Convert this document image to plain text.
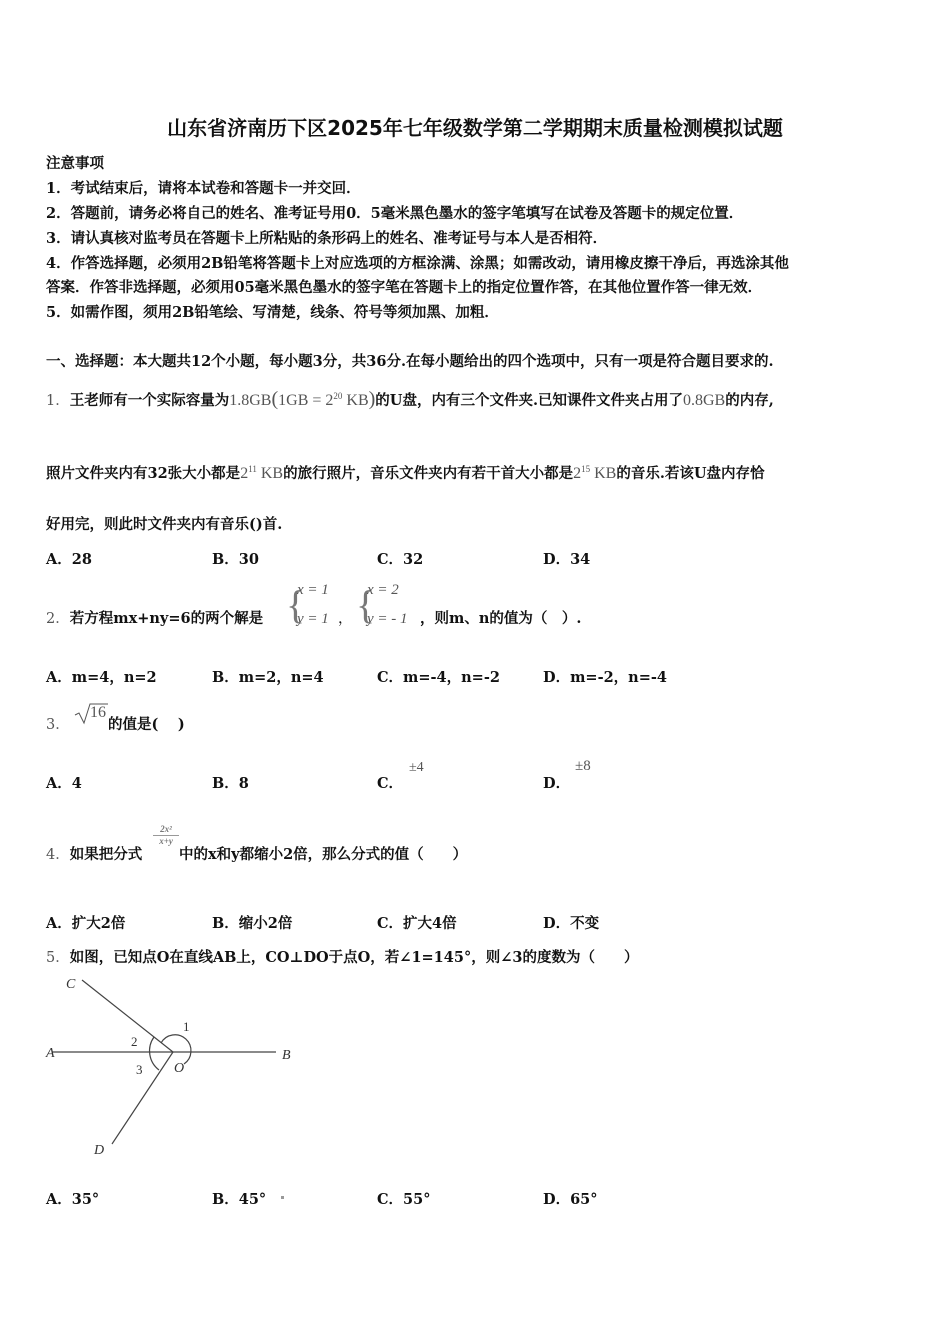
山东省济南历下区2025年七年级数学第二学期期末质量检测模拟试题
注意事项
1．考试结束后，请将本试卷和答题卡一并交回．
2．答题前，请务必将自己的姓名、准考证号用0．5毫米黑色墨水的签字笔填写在试卷及答题卡的规定位置．
3．请认真核对监考员在答题卡上所粘贴的条形码上的姓名、准考证号与本人是否相符．
4．作答选择题，必须用2B铅笔将答题卡上对应选项的方框涂满、涂黑；如需改动，请用橡皮擦干净后，再选涂其他
答案．作答非选择题，必须用05毫米黑色墨水的签字笔在答题卡上的指定位置作答，在其他位置作答一律无效．
5．如需作图，须用2B铅笔绘、写清楚，线条、符号等须加黑、加粗．
一、选择题：本大题共12个小题，每小题3分，共36分.在每小题给出的四个选项中，只有一项是符合题目要求的.
1．王老师有一个实际容量为$1.8GB(1GB = 2^{20}$ KB)的U盘，内有三个文件夹.已知课件文件夹占用了0.8GB的内存,
照片文件夹内有32张大小都是$2^{11}$ KB的旅行照片，音乐文件夹内有若干首大小都是$2^{15}$ KB的音乐.若该U盘内存恰
好用完，则此时文件夹内有音乐()首.
A．28	B．30	C．32	D．34
2．若方程mx+ny=6的两个解是 {
x = 1
y = 1 ， {
x = 2
y = - 1 ，则m、n的值为（　）.
A．m=4，n=2	B．m=2，n=4	C．m=-4，n=-2	D．m=-2，n=-4
3．
16
的值是(　 )
A．4	B．8	C．
±4
D．
±8
4．如果把分式
$\frac{\text{2x²}}{x+y}$
中的x和y都缩小2倍，那么分式的值（　　）
A．扩大2倍	B．缩小2倍	C．扩大4倍	D．不变
5．如图，已知点O在直线AB上，CO⊥DO于点O，若∠1=145°，则∠3的度数为（　　）
C
A	B
O
D
1
2
3
A．35°	B．45°	C．55°	D．65°
